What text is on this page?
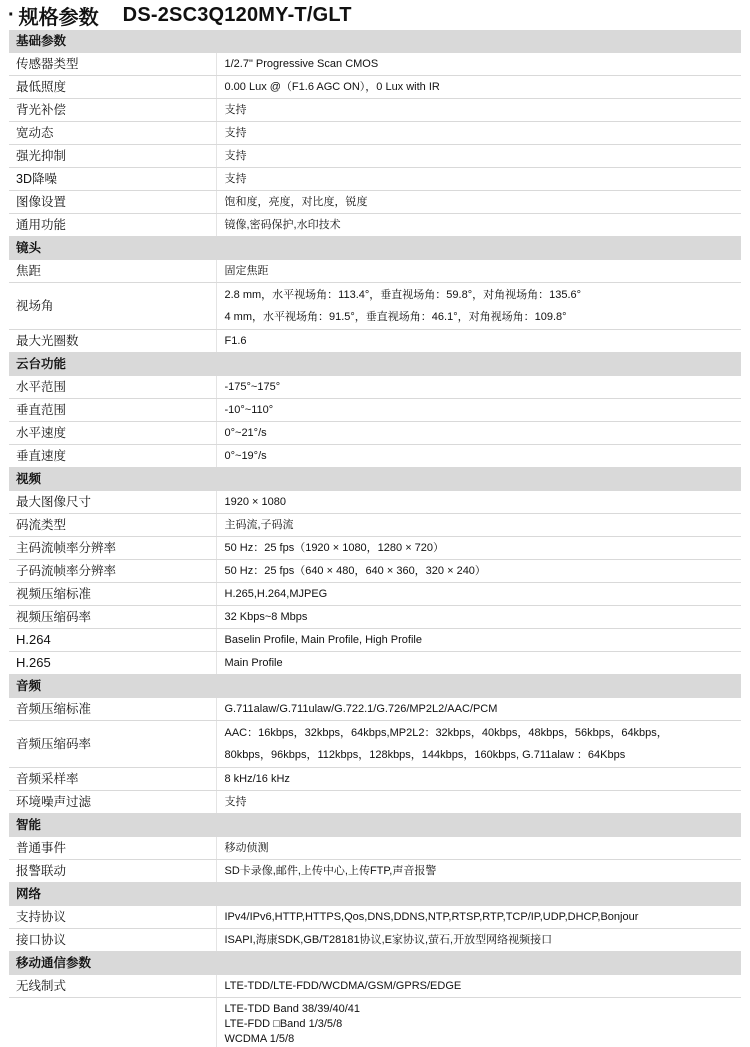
· 规格参数 DS-2SC3Q120MY-T/GLT
基础参数	
传感器类型	1/2.7" Progressive Scan CMOS
最低照度	0.00 Lux @（F1.6 AGC ON），0 Lux with IR
背光补偿	支持
宽动态	支持
强光抑制	支持
3D降噪	支持
图像设置	饱和度，亮度，对比度，锐度
通用功能	镜像,密码保护,水印技术
镜头	
焦距	固定焦距
视场角	2.8 mm，水平视场角：113.4°，垂直视场角：59.8°，对角视场角：135.6°
4 mm，水平视场角：91.5°，垂直视场角：46.1°，对角视场角：109.8°

最大光圈数	F1.6
云台功能	
水平范围	-175°~175°
垂直范围	-10°~110°
水平速度	0°~21°/s
垂直速度	0°~19°/s
视频	
最大图像尺寸	1920 × 1080
码流类型	主码流,子码流
主码流帧率分辨率	50 Hz：25 fps（1920 × 1080，1280 × 720）
子码流帧率分辨率	50 Hz：25 fps（640 × 480，640 × 360，320 × 240）
视频压缩标准	H.265,H.264,MJPEG
视频压缩码率	32 Kbps~8 Mbps
H.264	Baselin Profile, Main Profile, High Profile
H.265	Main Profile
音频	
音频压缩标准	G.711alaw/G.711ulaw/G.722.1/G.726/MP2L2/AAC/PCM
音频压缩码率	AAC：16kbps，32kbps，64kbps,MP2L2：32kbps，40kbps，48kbps，56kbps，64kbps，
80kbps，96kbps，112kbps，128kbps，144kbps，160kbps, G.711alaw ：64Kbps

音频采样率	8 kHz/16 kHz
环境噪声过滤	支持
智能	
普通事件	移动侦测
报警联动	SD卡录像,邮件,上传中心,上传FTP,声音报警
网络	
支持协议	IPv4/IPv6,HTTP,HTTPS,Qos,DNS,DDNS,NTP,RTSP,RTP,TCP/IP,UDP,DHCP,Bonjour
接口协议	ISAPI,海康SDK,GB/T28181协议,E家协议,萤石,开放型网络视频接口
移动通信参数	
无线制式	LTE-TDD/LTE-FDD/WCDMA/GSM/GPRS/EDGE

	LTE-TDD Band 38/39/40/41
LTE-FDD □Band 1/3/5/8
WCDMA 1/5/8
